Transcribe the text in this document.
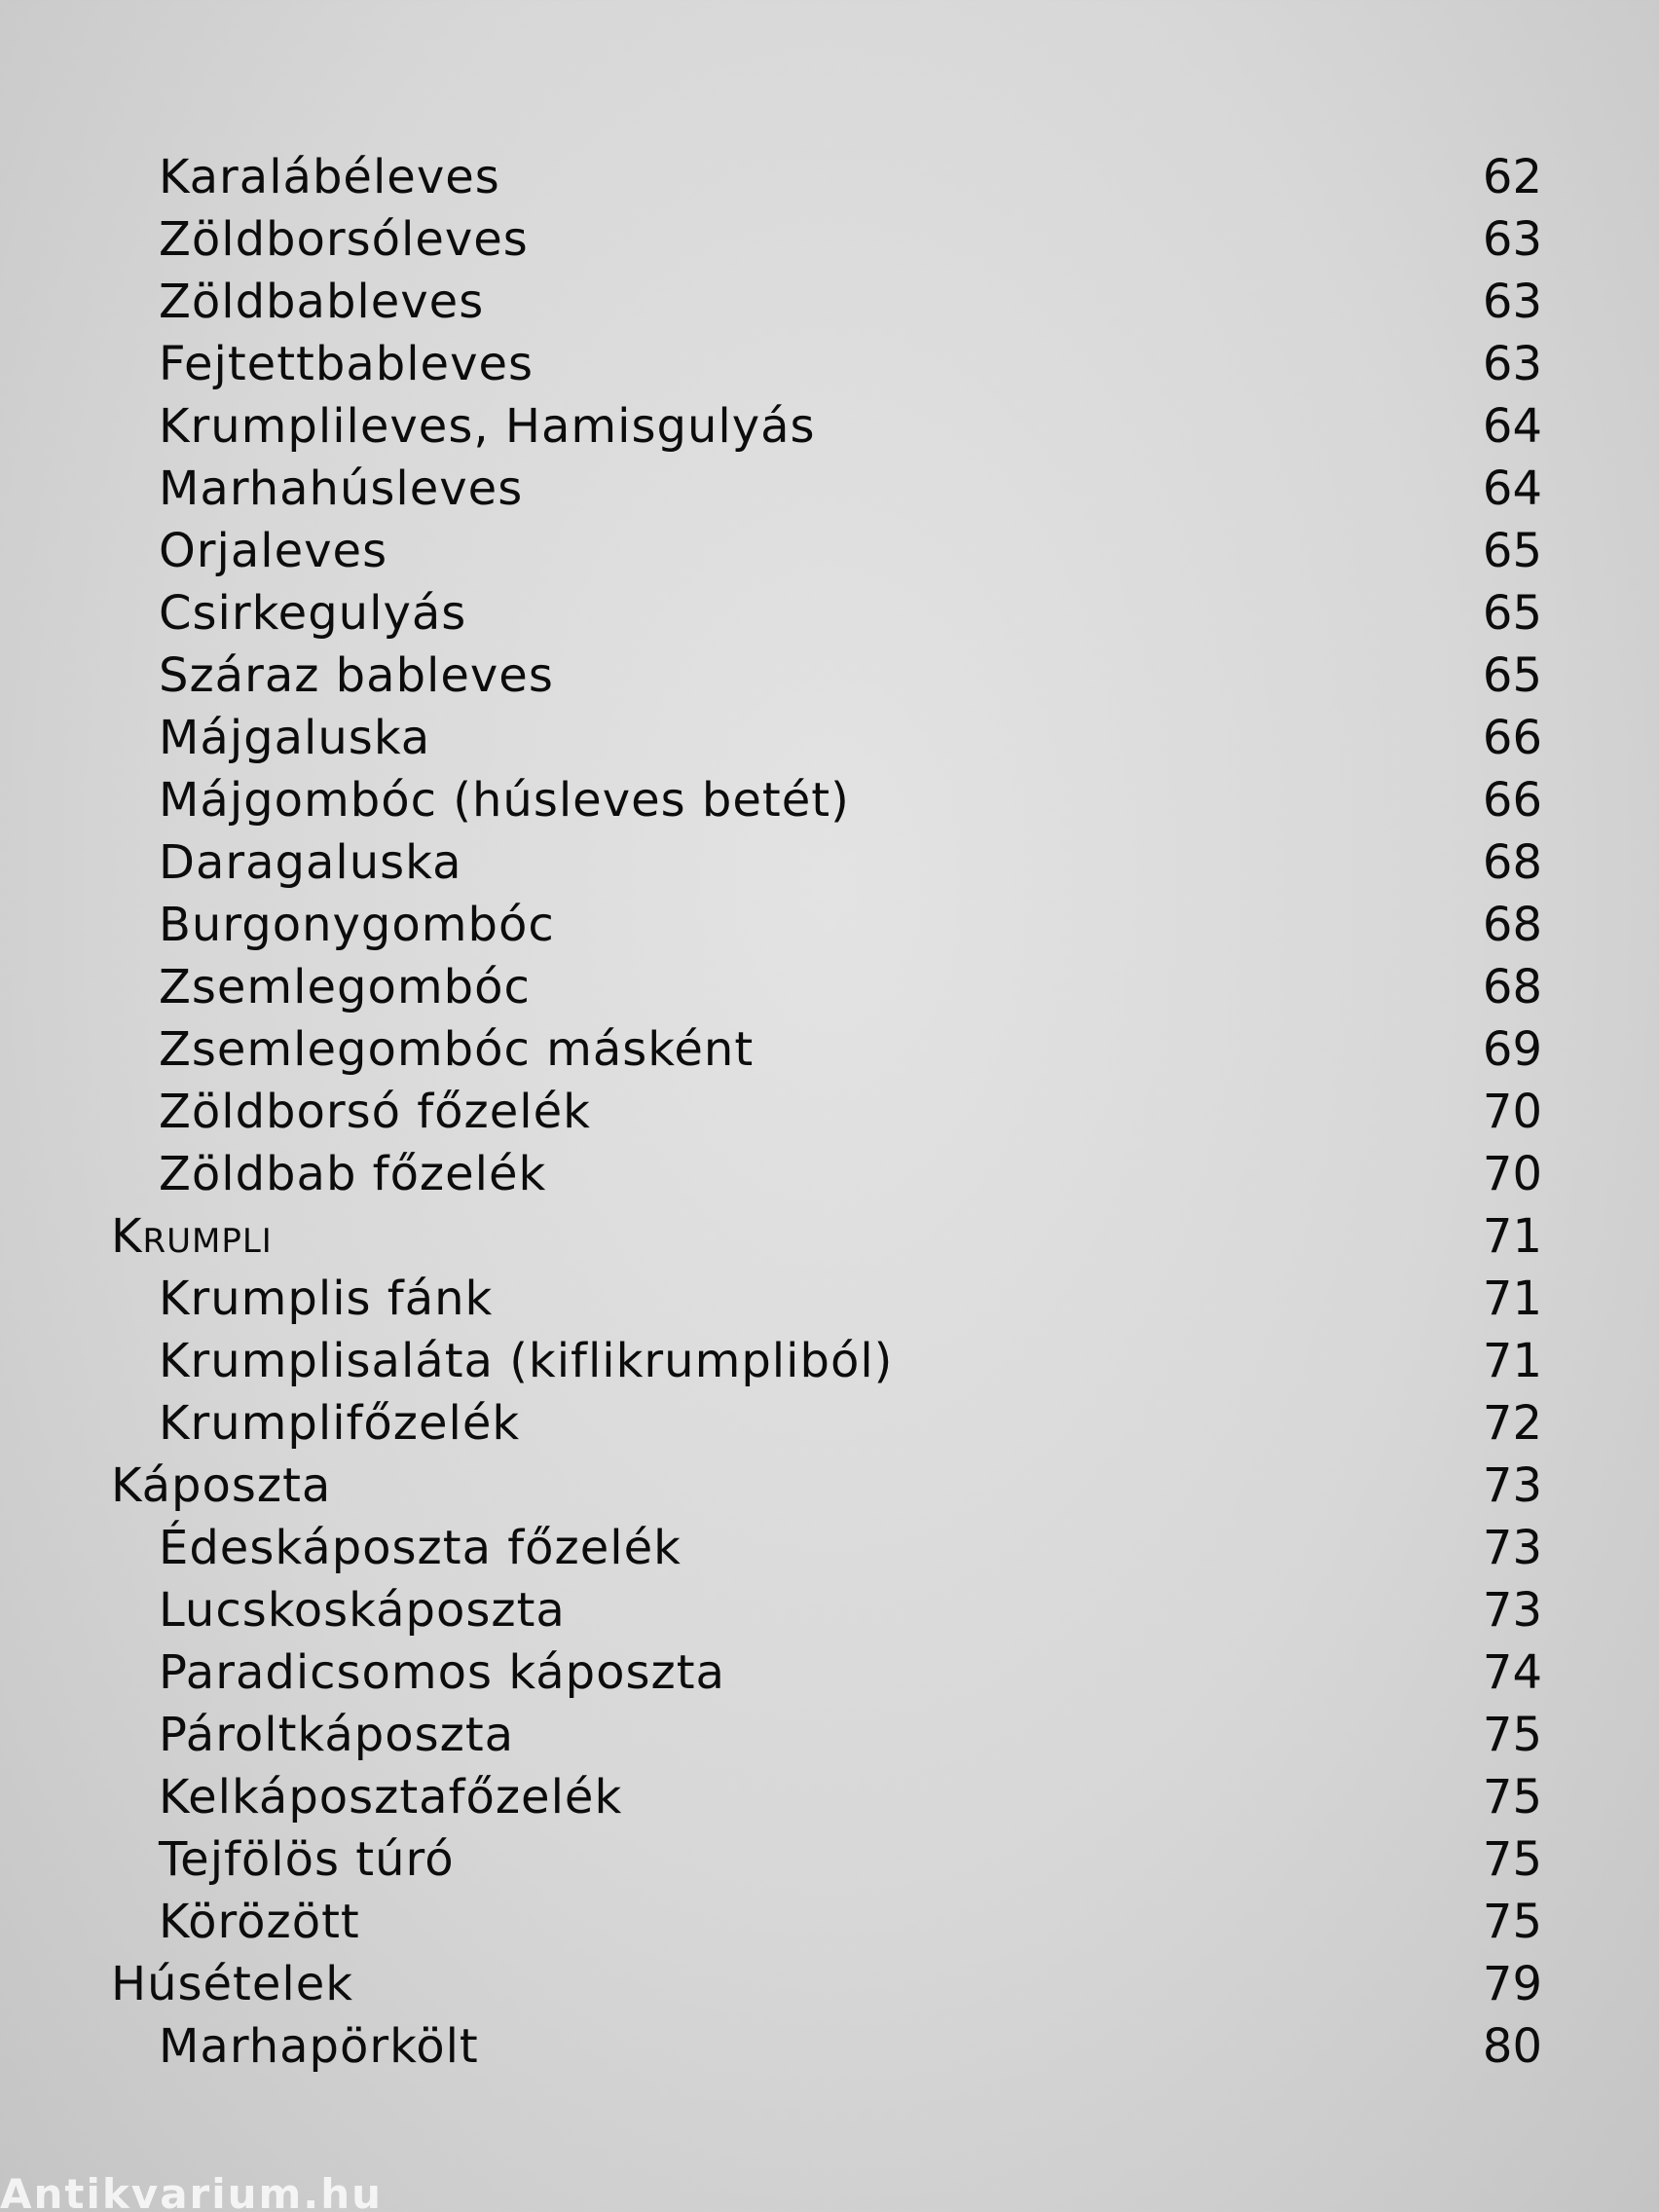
Karalábéleves	62
Zöldborsóleves	63
Zöldbableves	63
Fejtettbableves	63
Krumplileves, Hamisgulyás	64
Marhahúsleves	64
Orjaleves	65
Csirkegulyás	65
Száraz bableves	65
Májgaluska	66
Májgombóc (húsleves betét)	66
Daragaluska	68
Burgonygombóc	68
Zsemlegombóc	68
Zsemlegombóc másként	69
Zöldborsó főzelék	70
Zöldbab főzelék	70
Krumpli	71
Krumplis fánk	71
Krumplisaláta (kiflikrumpliból)	71
Krumplifőzelék	72
Káposzta	73
Édeskáposzta főzelék	73
Lucskoskáposzta	73
Paradicsomos káposzta	74
Pároltkáposzta	75
Kelkáposztafőzelék	75
Tejfölös túró	75
Körözött	75
Húsételek	79
Marhapörkölt	80
Antikvarium.hu
